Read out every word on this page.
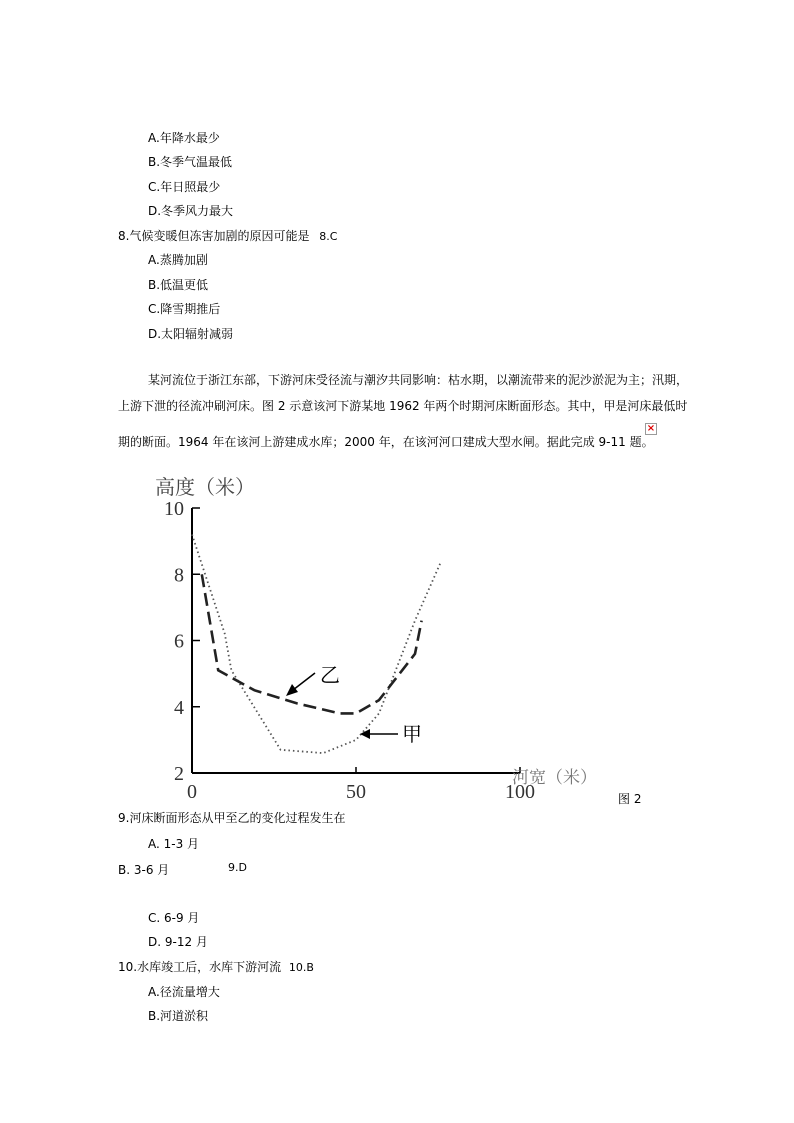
A.年降水最少
B.冬季气温最低
C.年日照最少
D.冬季风力最大
8.气候变暖但冻害加剧的原因可能是 8.C
A.蒸腾加剧
B.低温更低
C.降雪期推后
D.太阳辐射减弱
某河流位于浙江东部，下游河床受径流与潮汐共同影响：枯水期，以潮流带来的泥沙淤泥为主；汛期，
上游下泄的径流冲刷河床。图 2 示意该河下游某地 1962 年两个时期河床断面形态。其中，甲是河床最低时
期的断面。1964 年在该河上游建成水库；2000 年，在该河河口建成大型水闸。据此完成 9-11 题。
×
10
8
6
4
2
0	50	100
高度（米）
河宽（米）
乙
甲
图 2
9.河床断面形态从甲至乙的变化过程发生在
A. 1-3 月
B. 3-6 月	9.D
C. 6-9 月
D. 9-12 月
10.水库竣工后，水库下游河流 10.B
A.径流量增大
B.河道淤积
